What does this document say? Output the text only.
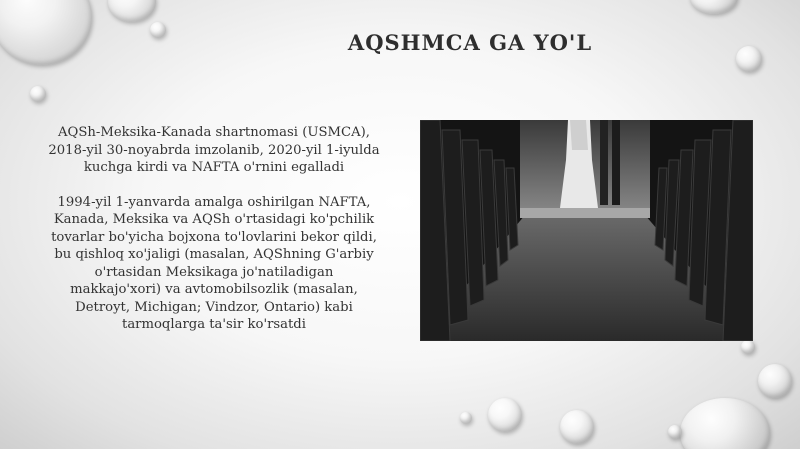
AQSHMCA GA YO'L

AQSh-Meksika-Kanada shartnomasi (USMCA), 2018-yil 30-noyabrda imzolanib, 2020-yil 1-iyulda kuchga kirdi va NAFTA o'rnini egalladi

1994-yil 1-yanvarda amalga oshirilgan NAFTA, Kanada, Meksika va AQSh o'rtasidagi ko'pchilik tovarlar bo'yicha bojxona to'lovlarini bekor qildi, bu qishloq xo'jaligi (masalan, AQShning G'arbiy o'rtasidan Meksikaga jo'natiladigan makkajo'xori) va avtomobilsozlik (masalan, Detroyt, Michigan; Vindzor, Ontario) kabi tarmoqlarga ta'sir ko'rsatdi
